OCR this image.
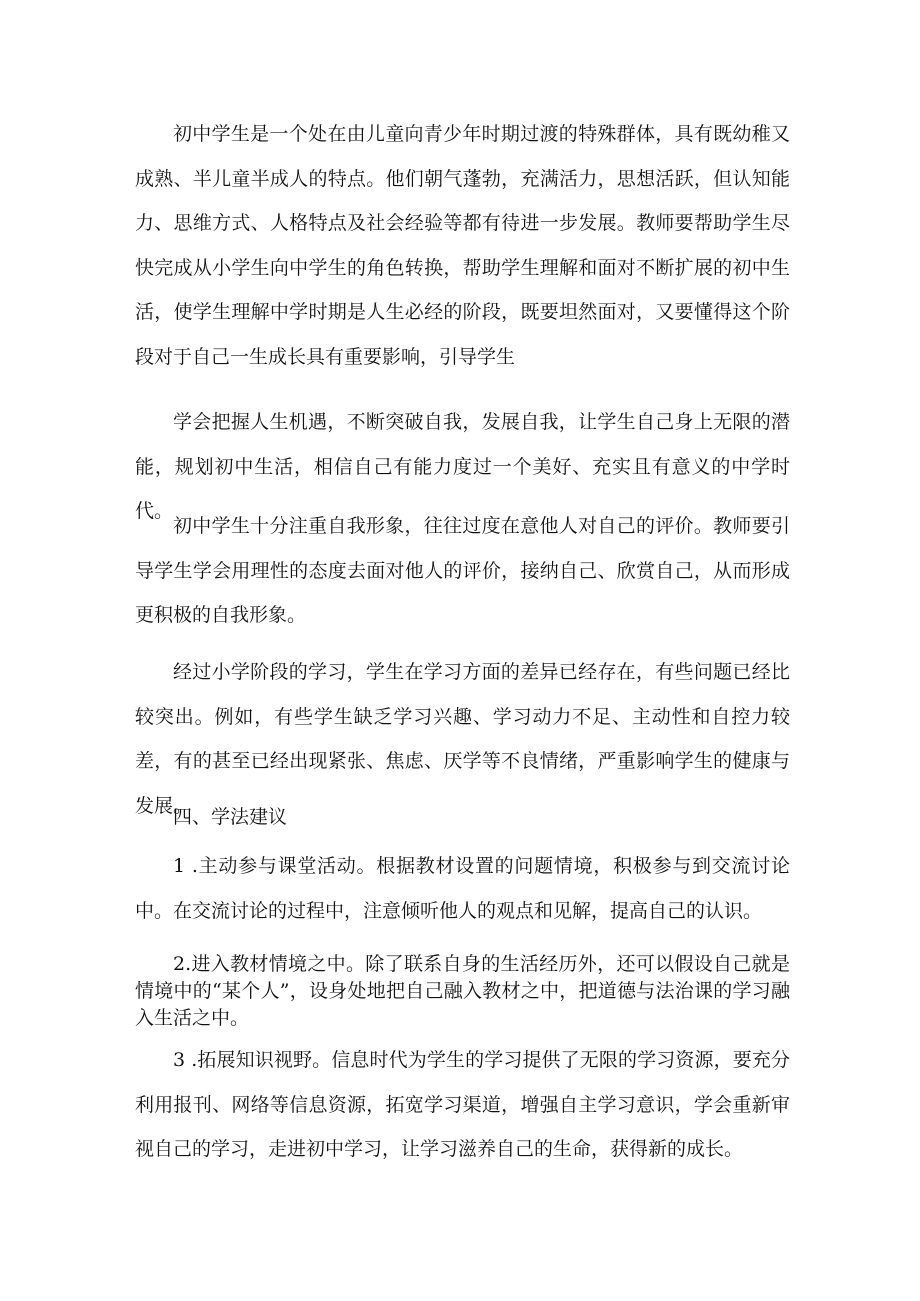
初中学生是一个处在由儿童向青少年时期过渡的特殊群体，具有既幼稚又成熟、半儿童半成人的特点。他们朝气蓬勃，充满活力，思想活跃，但认知能力、思维方式、人格特点及社会经验等都有待进一步发展。教师要帮助学生尽快完成从小学生向中学生的角色转换，帮助学生理解和面对不断扩展的初中生活，使学生理解中学时期是人生必经的阶段，既要坦然面对，又要懂得这个阶段对于自己一生成长具有重要影响，引导学生

学会把握人生机遇，不断突破自我，发展自我，让学生自己身上无限的潜能，规划初中生活，相信自己有能力度过一个美好、充实且有意义的中学时代。

初中学生十分注重自我形象，往往过度在意他人对自己的评价。教师要引导学生学会用理性的态度去面对他人的评价，接纳自己、欣赏自己，从而形成更积极的自我形象。

经过小学阶段的学习，学生在学习方面的差异已经存在，有些问题已经比较突出。例如，有些学生缺乏学习兴趣、学习动力不足、主动性和自控力较差，有的甚至已经出现紧张、焦虑、厌学等不良情绪，严重影响学生的健康与发展。

四、学法建议

1 .主动参与课堂活动。根据教材设置的问题情境，积极参与到交流讨论中。在交流讨论的过程中，注意倾听他人的观点和见解，提高自己的认识。

2.进入教材情境之中。除了联系自身的生活经历外，还可以假设自己就是情境中的“某个人”，设身处地把自己融入教材之中，把道德与法治课的学习融入生活之中。

3 .拓展知识视野。信息时代为学生的学习提供了无限的学习资源，要充分利用报刊、网络等信息资源，拓宽学习渠道，增强自主学习意识，学会重新审视自己的学习，走进初中学习，让学习滋养自己的生命，获得新的成长。
